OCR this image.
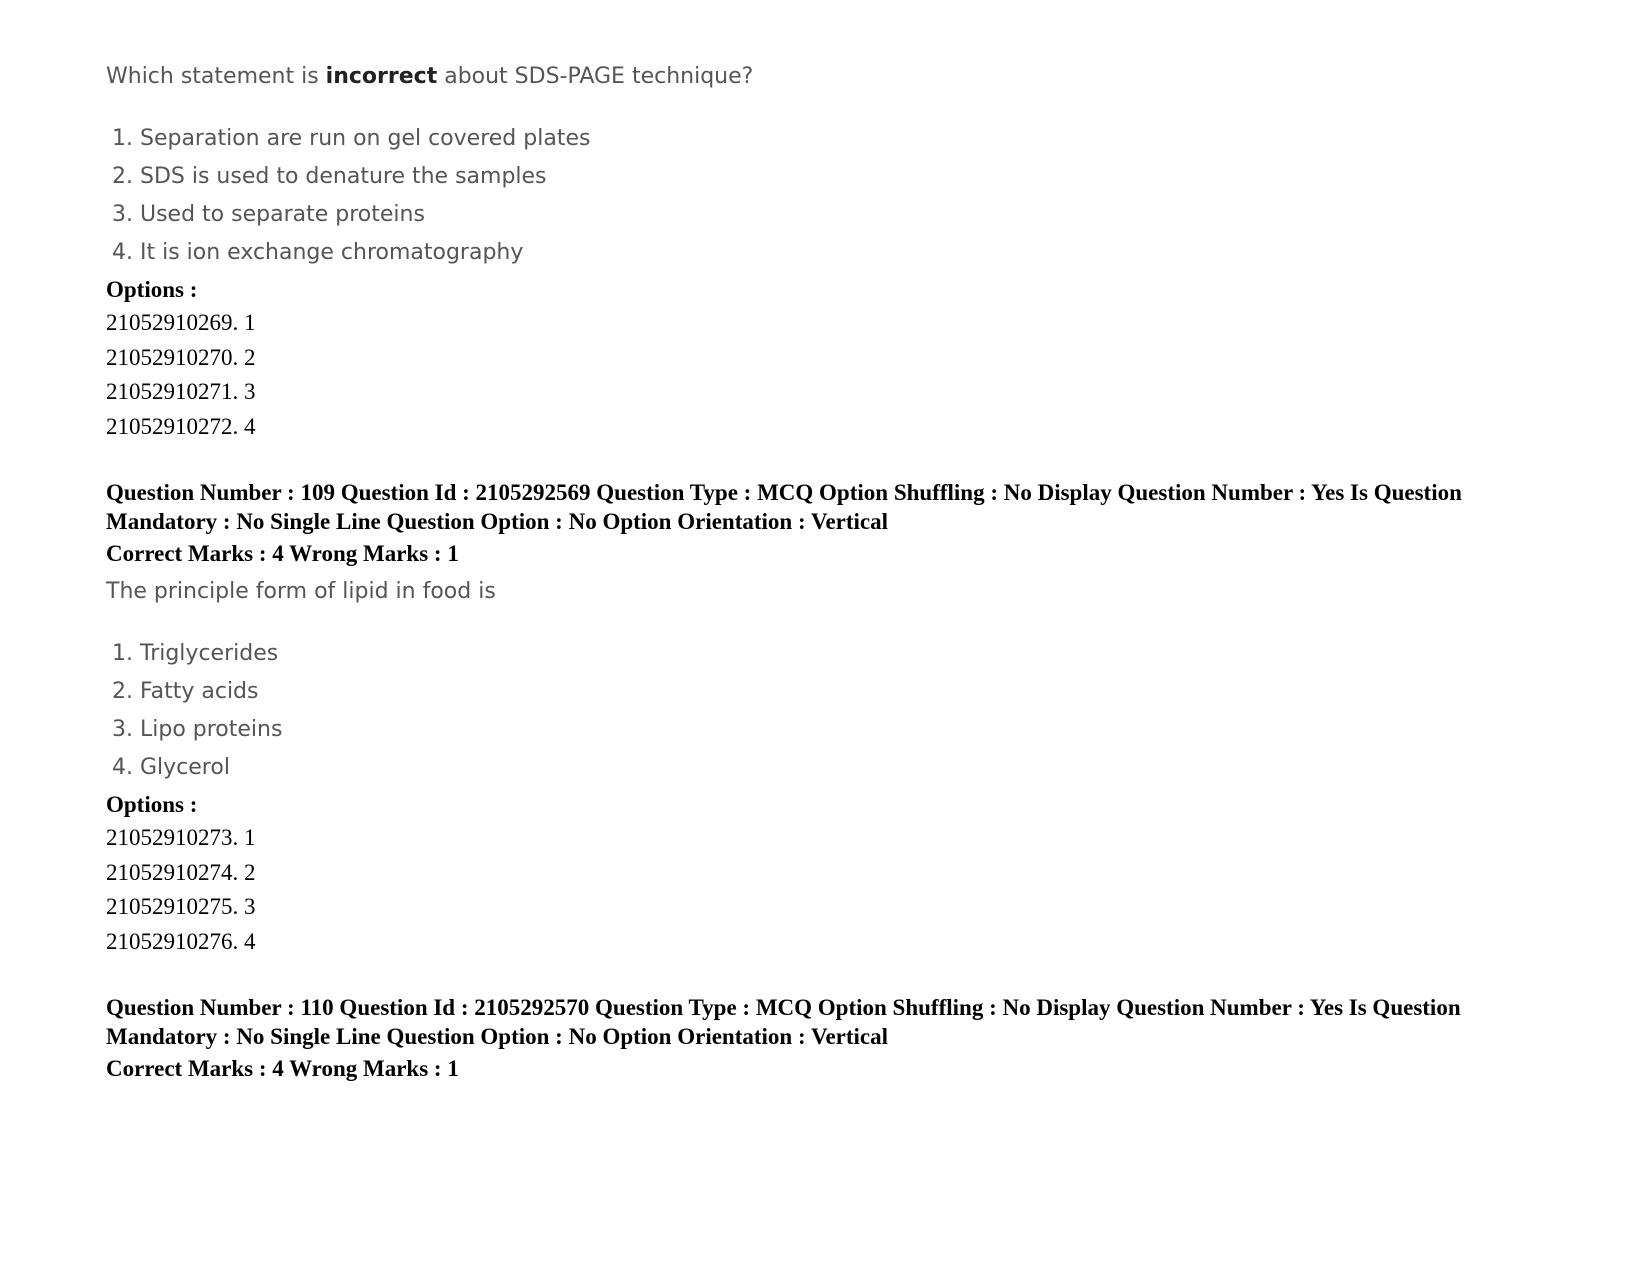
Which statement is incorrect about SDS-PAGE technique?
1. Separation are run on gel covered plates
2. SDS is used to denature the samples
3. Used to separate proteins
4. It is ion exchange chromatography
Options :
21052910269. 1
21052910270. 2
21052910271. 3
21052910272. 4
Question Number : 109 Question Id : 2105292569 Question Type : MCQ Option Shuffling : No Display Question Number : Yes Is Question Mandatory : No Single Line Question Option : No Option Orientation : Vertical
Correct Marks : 4 Wrong Marks : 1
The principle form of lipid in food is
1. Triglycerides
2. Fatty acids
3. Lipo proteins
4. Glycerol
Options :
21052910273. 1
21052910274. 2
21052910275. 3
21052910276. 4
Question Number : 110 Question Id : 2105292570 Question Type : MCQ Option Shuffling : No Display Question Number : Yes Is Question Mandatory : No Single Line Question Option : No Option Orientation : Vertical
Correct Marks : 4 Wrong Marks : 1
